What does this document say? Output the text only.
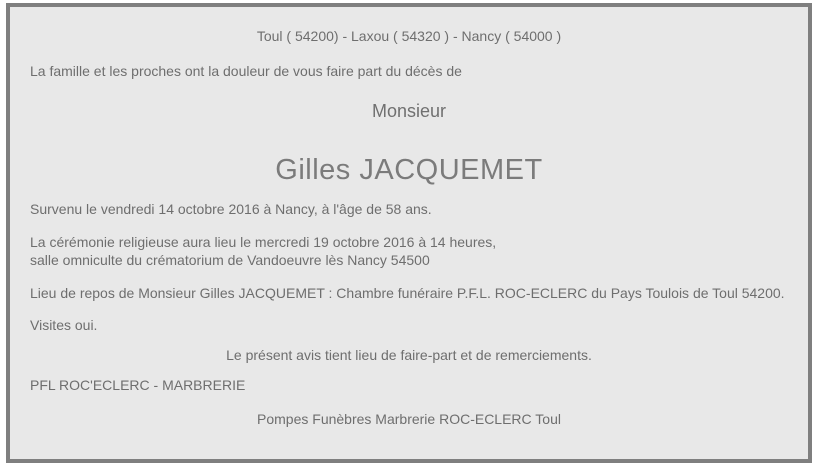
Toul ( 54200) - Laxou ( 54320 ) - Nancy ( 54000 )

La famille et les proches ont la douleur de vous faire part du décès de

Monsieur

Gilles JACQUEMET

Survenu le vendredi 14 octobre 2016 à Nancy, à l'âge de 58 ans.

La cérémonie religieuse aura lieu le mercredi 19 octobre 2016 à 14 heures,
salle omniculte du crématorium de Vandoeuvre lès Nancy 54500

Lieu de repos de Monsieur Gilles JACQUEMET : Chambre funéraire P.F.L. ROC-ECLERC du Pays Toulois de Toul 54200.

Visites oui.

Le présent avis tient lieu de faire-part et de remerciements.

PFL ROC'ECLERC - MARBRERIE

Pompes Funèbres Marbrerie ROC-ECLERC Toul
